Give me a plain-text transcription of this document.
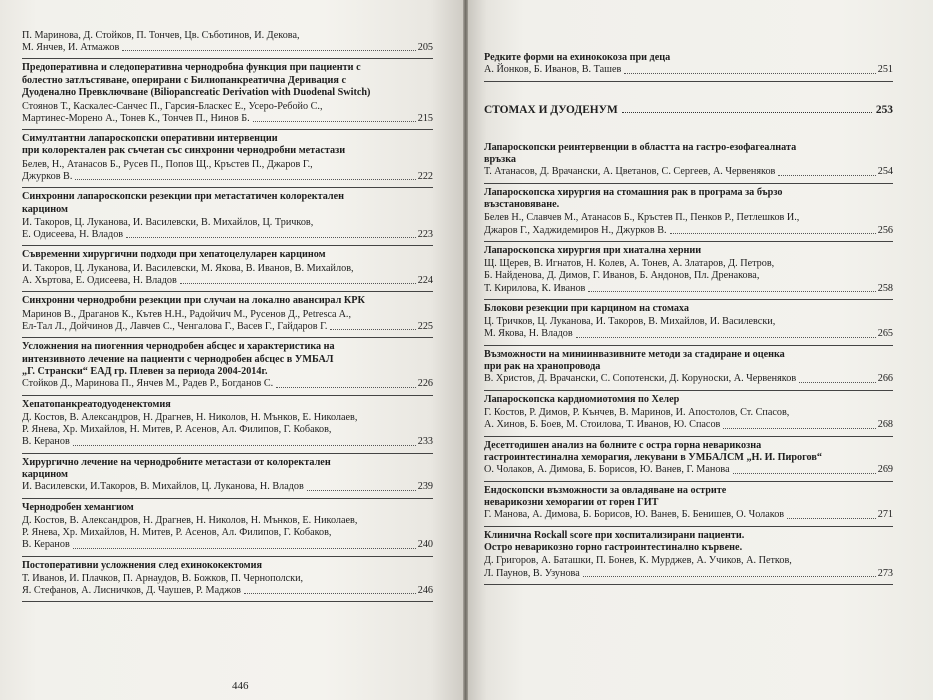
П. Маринова, Д. Стойков, П. Тончев, Цв. Съботинов, И. Декова,
М. Янчев, И. Атмажов	205
Предоперативна и следоперативна чернодробна функция при пациенти с
болестно затлъстяване, оперирани с Билиопанкреатична Деривация с
Дуоденално Превключване (Biliopancreatic Derivation with Duodenal Switch)
Стоянов Т., Каскалес-Санчес П., Гарсия-Бласкес Е., Усеро-Ребойо С.,
Мартинес-Морено А., Тонев К., Тончев П., Нинов Б.	215
Симултантни лапароскопски оперативни интервенции
при колоректален рак съчетан със синхронни чернодробни метастази
Белев, Н., Атанасов Б., Русев П., Попов Щ., Кръстев П., Джаров Г.,
Джурков В.	222
Синхронни лапароскопски резекции при метастатичен колоректален
карцином
И. Такоров, Ц. Луканова, И. Василевски, В. Михайлов, Ц. Тричков,
Е. Одисеева, Н. Владов	223
Съвременни хирургични подходи при хепатоцелуларен карцином
И. Такоров, Ц. Луканова, И. Василевски, М. Якова, В. Иванов, В. Михайлов,
А. Хъртова, Е. Одисеева, Н. Владов	224
Синхронни чернодробни резекции при случаи на локално авансирал КРК
Маринов В., Драганов К., Кътев Н.Н., Радойчич М., Русенов Д., Petresca A.,
Ел-Тал Л., Дойчинов Д., Лавчев С., Ченгалова Г., Васев Г., Гайдаров Г.	225
Усложнения на пиогенния чернодробен абсцес и характеристика на
интензивното лечение на пациенти с чернодробен абсцес в УМБАЛ
„Г. Странски“ ЕАД гр. Плевен за периода 2004-2014г.
Стойков Д., Маринова П., Янчев М., Радев Р., Богданов С.	226
Хепатопанкреатодуоденектомия
Д. Костов, В. Александров, Н. Драгнев, Н. Николов, Н. Мънков, Е. Николаев,
Р. Янева, Хр. Михайлов, Н. Митев, Р. Асенов, Ал. Филипов, Г. Кобаков,
В. Керанов	233
Хирургично лечение на чернодробните метастази от колоректален
карцином
И. Василевски, И.Такоров, В. Михайлов, Ц. Луканова, Н. Владов	239
Чернодробен хемангиом
Д. Костов, В. Александров, Н. Драгнев, Н. Николов, Н. Мънков, Е. Николаев,
Р. Янева, Хр. Михайлов, Н. Митев, Р. Асенов, Ал. Филипов, Г. Кобаков,
В. Керанов	240
Постоперативни усложнения след ехинококектомия
Т. Иванов, И. Плачков, П. Арнаудов, В. Божков, П. Чернополски,
Я. Стефанов, А. Лисничков, Д. Чаушев, Р. Маджов	246
446
Редките форми на ехинококоза при деца
А. Йонков, Б. Иванов, В. Ташев	251
СТОМАХ И ДУОДЕНУМ	253
Лапароскопски реинтервенции в областта на гастро-езофагеалната
връзка
Т. Атанасов, Д. Врачански, А. Цветанов, С. Сергеев, А. Червеняков	254
Лапароскопска хирургия на стомашния рак в програма за бързо
възстановяване.
Белев Н., Славчев М., Атанасов Б., Кръстев П., Пенков Р., Петлешков И.,
Джаров Г., Хаджидемиров Н., Джурков В.	256
Лапароскопска хирургия при хиатална хернии
Щ. Щерев, В. Игнатов, Н. Колев, А. Тонев, А. Златаров, Д. Петров,
Б. Найденова, Д. Димов, Г. Иванов, Б. Андонов, Пл. Дренакова,
Т. Кирилова, К. Иванов	258
Блокови резекции при карцином на стомаха
Ц. Тричков, Ц. Луканова, И. Такоров, В. Михайлов, И. Василевски,
М. Якова, Н. Владов	265
Възможности на миниинвазивните методи за стадиране и оценка
при рак на хранопровода
В. Христов, Д. Врачански, С. Сопотенски, Д. Коруноски, А. Червеняков	266
Лапароскопска кардиомиотомия по Хелер
Г. Костов, Р. Димов, Р. Кънчев, В. Маринов, И. Апостолов, Ст. Спасов,
А. Хинов, Б. Боев, М. Стоилова, Т. Иванов, Ю. Спасов	268
Десетгодишен анализ на болните с остра горна неварикозна
гастроинтестинална хеморагия, лекувани в УМБАЛСМ „Н. И. Пирогов“
О. Чолаков, А. Димова, Б. Борисов, Ю. Ванев, Г. Манова	269
Ендоскопски възможности за овладяване на острите
неварикозни хеморагии от горен ГИТ
Г. Манова, А. Димова, Б. Борисов, Ю. Ванев, Б. Бенишев, О. Чолаков	271
Клинична Rockall score при хоспитализирани пациенти.
Остро неварикозно горно гастроинтестинално кървене.
Д. Григоров, А. Баташки, П. Бонев, К. Мурджев, А. Учиков, А. Петков,
Л. Паунов, В. Узунова	273
